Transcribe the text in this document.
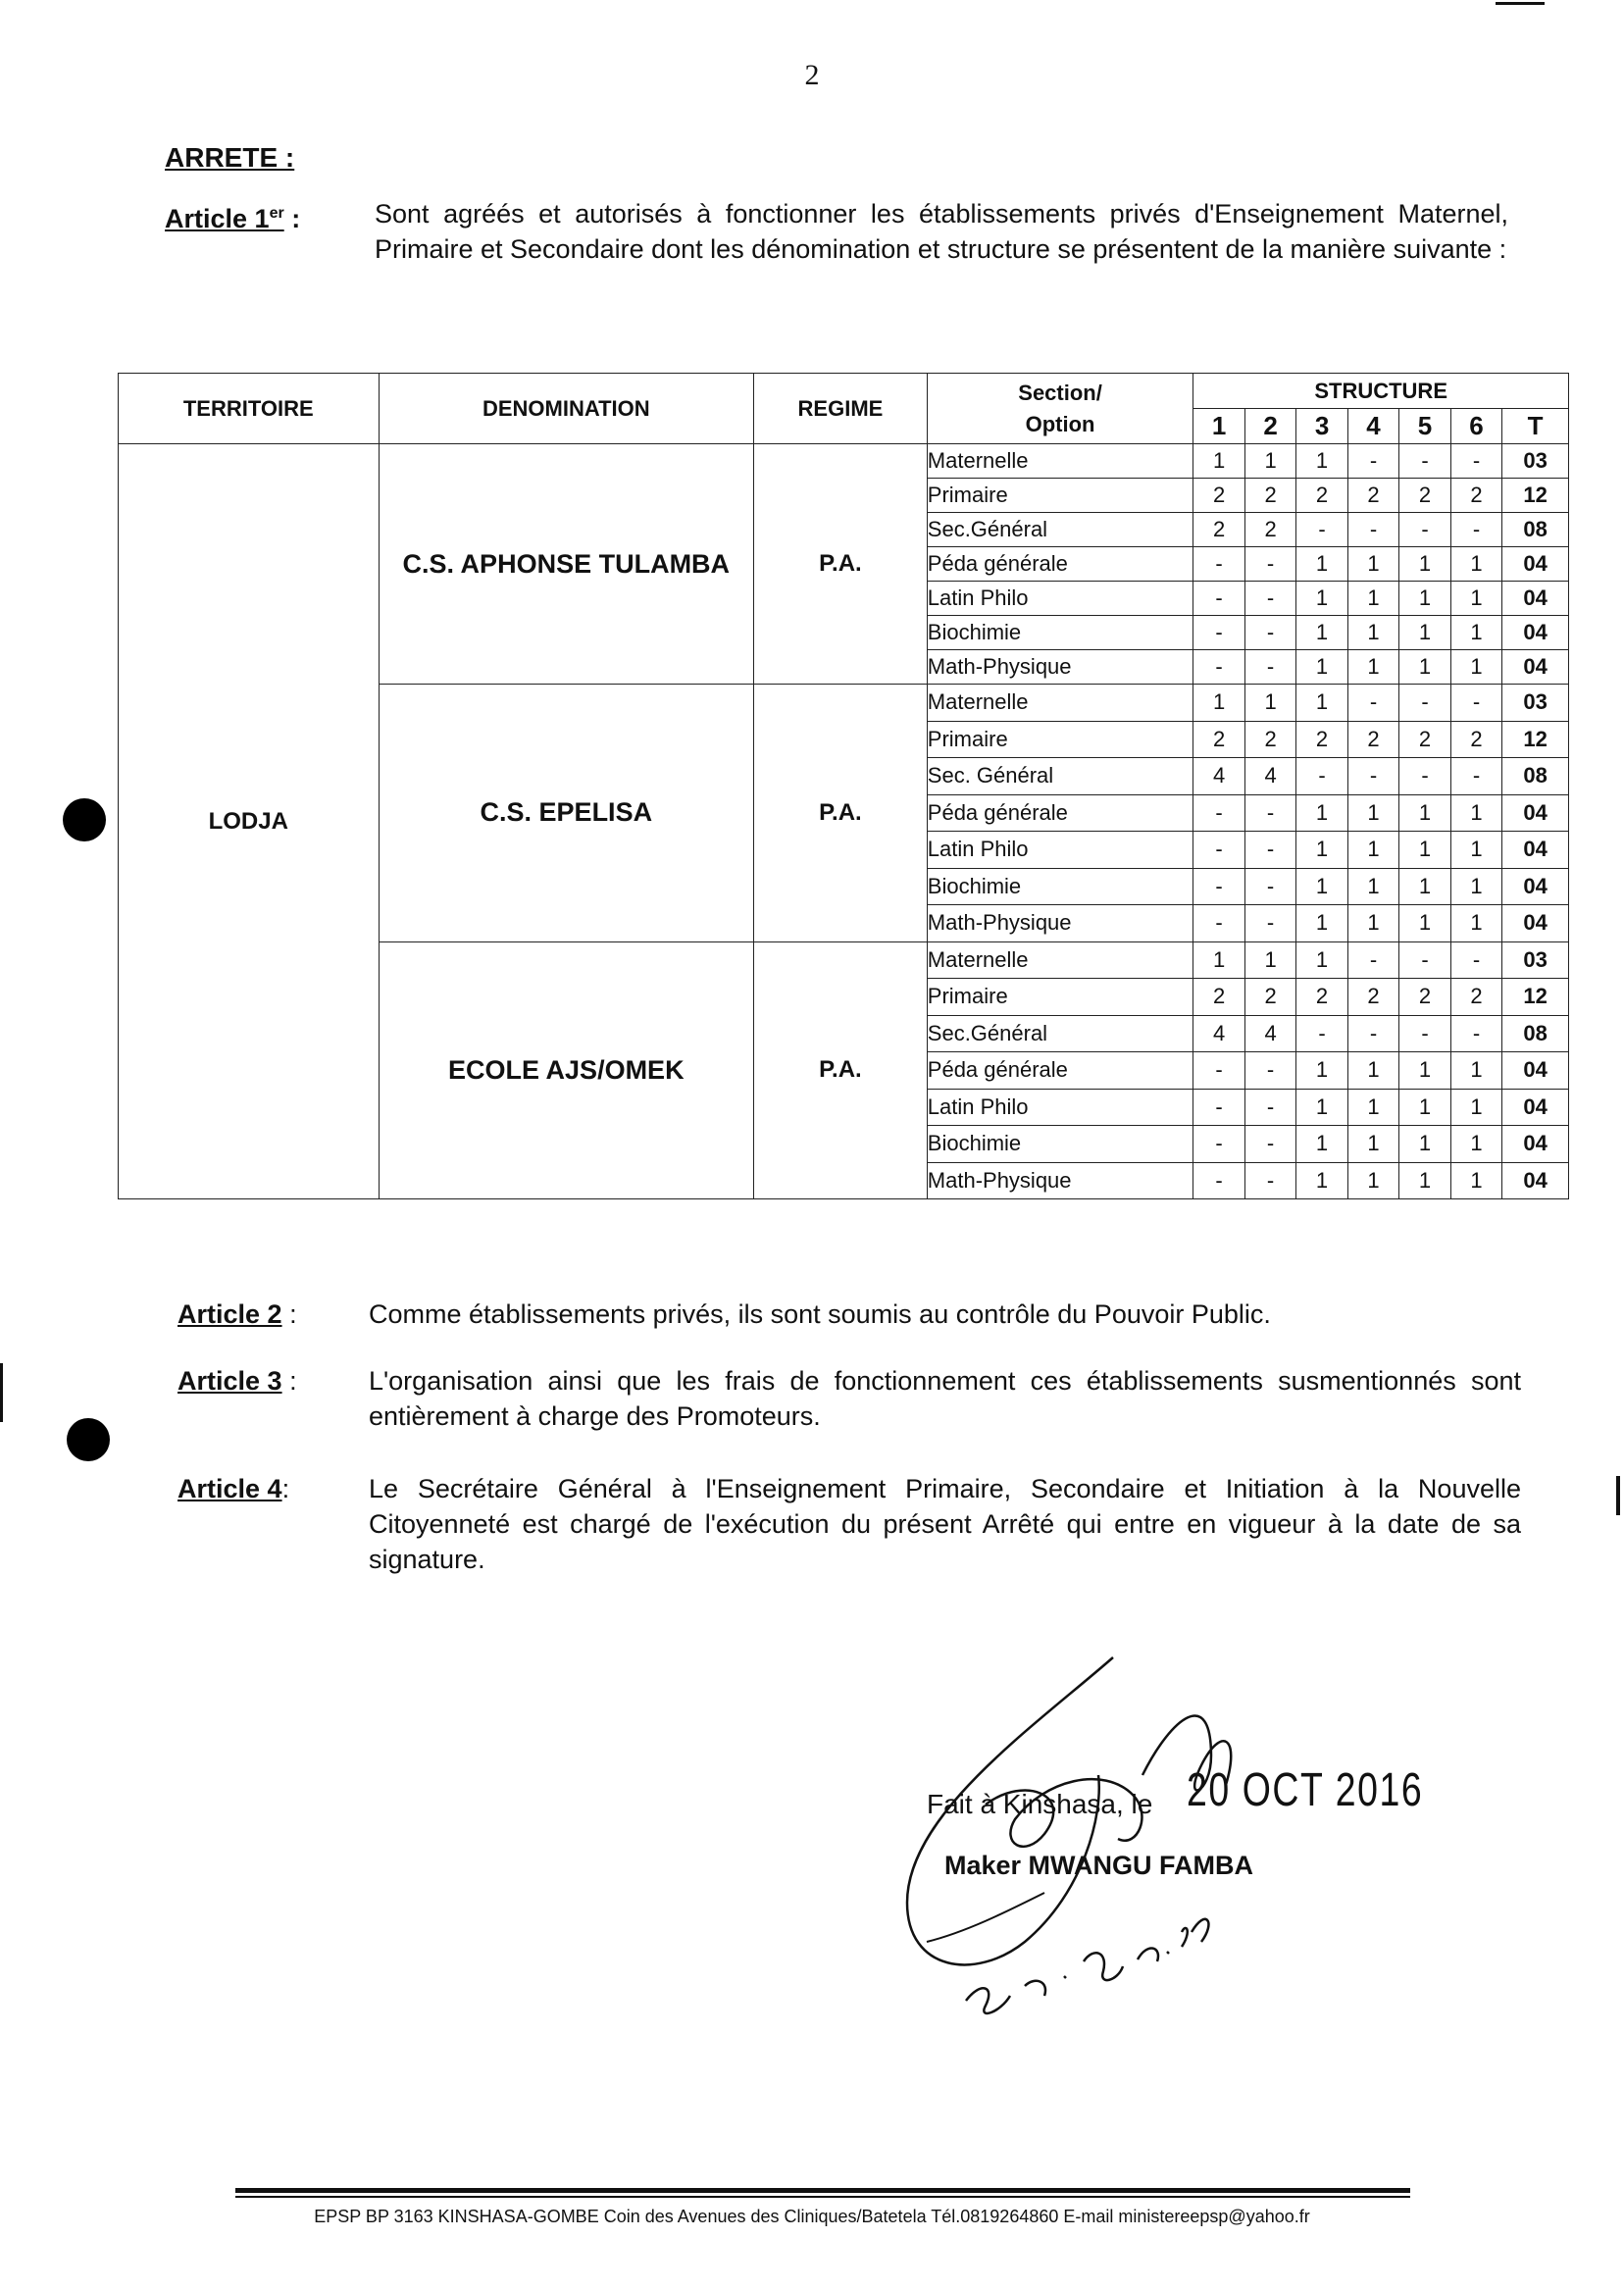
2
ARRETE :
Article 1er :	Sont agréés et autorisés à fonctionner les établissements privés d'Enseignement Maternel, Primaire et Secondaire dont les dénomination et structure se présentent de la manière suivante :
TERRITOIRE	DENOMINATION	REGIME	Section/
Option	STRUCTURE						
				1	2	3	4	5	6	T
LODJA	C.S. APHONSE TULAMBA	P.A.	Maternelle	1	1	1	-	-	-	03
			Primaire	2	2	2	2	2	2	12
			Sec.Général	2	2	-	-	-	-	08
			Péda générale	-	-	1	1	1	1	04
			Latin Philo	-	-	1	1	1	1	04
			Biochimie	-	-	1	1	1	1	04
			Math-Physique	-	-	1	1	1	1	04
	C.S. EPELISA	P.A.	Maternelle	1	1	1	-	-	-	03
			Primaire	2	2	2	2	2	2	12
			Sec. Général	4	4	-	-	-	-	08
			Péda générale	-	-	1	1	1	1	04
			Latin Philo	-	-	1	1	1	1	04
			Biochimie	-	-	1	1	1	1	04
			Math-Physique	-	-	1	1	1	1	04
	ECOLE AJS/OMEK	P.A.	Maternelle	1	1	1	-	-	-	03
			Primaire	2	2	2	2	2	2	12
			Sec.Général	4	4	-	-	-	-	08
			Péda générale	-	-	1	1	1	1	04
			Latin Philo	-	-	1	1	1	1	04
			Biochimie	-	-	1	1	1	1	04
			Math-Physique	-	-	1	1	1	1	04
Article 2 :	Comme établissements privés, ils sont soumis au contrôle du Pouvoir Public.
Article 3 :	L'organisation ainsi que les frais de fonctionnement ces établissements susmentionnés sont entièrement à charge des Promoteurs.
Article 4:	Le Secrétaire Général à l'Enseignement Primaire, Secondaire et Initiation à la Nouvelle Citoyenneté est chargé de l'exécution du présent Arrêté qui entre en vigueur à la date de sa signature.
Fait à Kinshasa, le 20 OCT 2016
Maker MWANGU FAMBA
EPSP BP 3163 KINSHASA-GOMBE Coin des Avenues des Cliniques/Batetela Tél.0819264860 E-mail ministereepsp@yahoo.fr
